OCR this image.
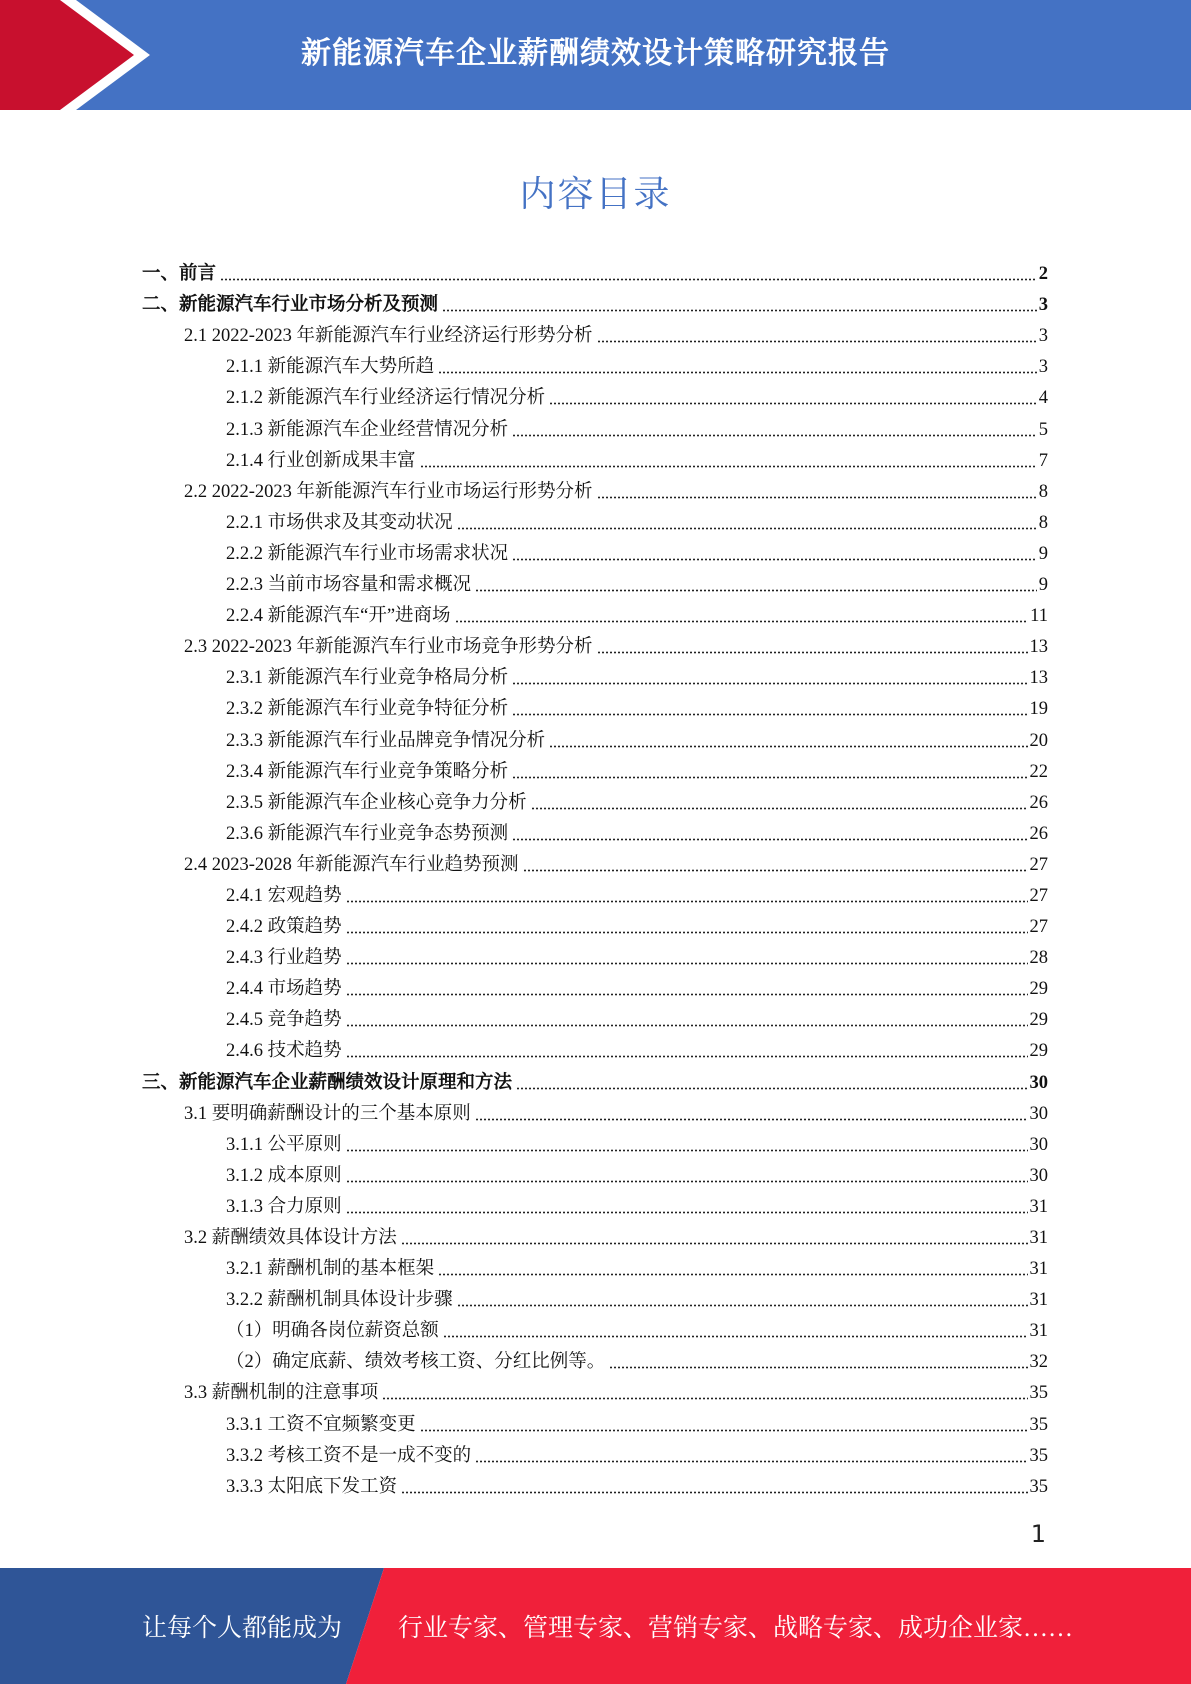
新能源汽车企业薪酬绩效设计策略研究报告
内容目录
一、前言	2
二、新能源汽车行业市场分析及预测	3
2.1 2022-2023 年新能源汽车行业经济运行形势分析	3
2.1.1 新能源汽车大势所趋	3
2.1.2 新能源汽车行业经济运行情况分析	4
2.1.3 新能源汽车企业经营情况分析	5
2.1.4 行业创新成果丰富	7
2.2 2022-2023 年新能源汽车行业市场运行形势分析	8
2.2.1 市场供求及其变动状况	8
2.2.2 新能源汽车行业市场需求状况	9
2.2.3 当前市场容量和需求概况	9
2.2.4 新能源汽车“开”进商场	11
2.3 2022-2023 年新能源汽车行业市场竞争形势分析	13
2.3.1 新能源汽车行业竞争格局分析	13
2.3.2 新能源汽车行业竞争特征分析	19
2.3.3 新能源汽车行业品牌竞争情况分析	20
2.3.4 新能源汽车行业竞争策略分析	22
2.3.5 新能源汽车企业核心竞争力分析	26
2.3.6 新能源汽车行业竞争态势预测	26
2.4 2023-2028 年新能源汽车行业趋势预测	27
2.4.1 宏观趋势	27
2.4.2 政策趋势	27
2.4.3 行业趋势	28
2.4.4 市场趋势	29
2.4.5 竞争趋势	29
2.4.6 技术趋势	29
三、新能源汽车企业薪酬绩效设计原理和方法	30
3.1 要明确薪酬设计的三个基本原则	30
3.1.1 公平原则	30
3.1.2 成本原则	30
3.1.3 合力原则	31
3.2 薪酬绩效具体设计方法	31
3.2.1 薪酬机制的基本框架	31
3.2.2 薪酬机制具体设计步骤	31
（1）明确各岗位薪资总额	31
（2）确定底薪、绩效考核工资、分红比例等。	32
3.3 薪酬机制的注意事项	35
3.3.1 工资不宜频繁变更	35
3.3.2 考核工资不是一成不变的	35
3.3.3 太阳底下发工资	35
1
让每个人都能成为 行业专家、管理专家、营销专家、战略专家、成功企业家……
